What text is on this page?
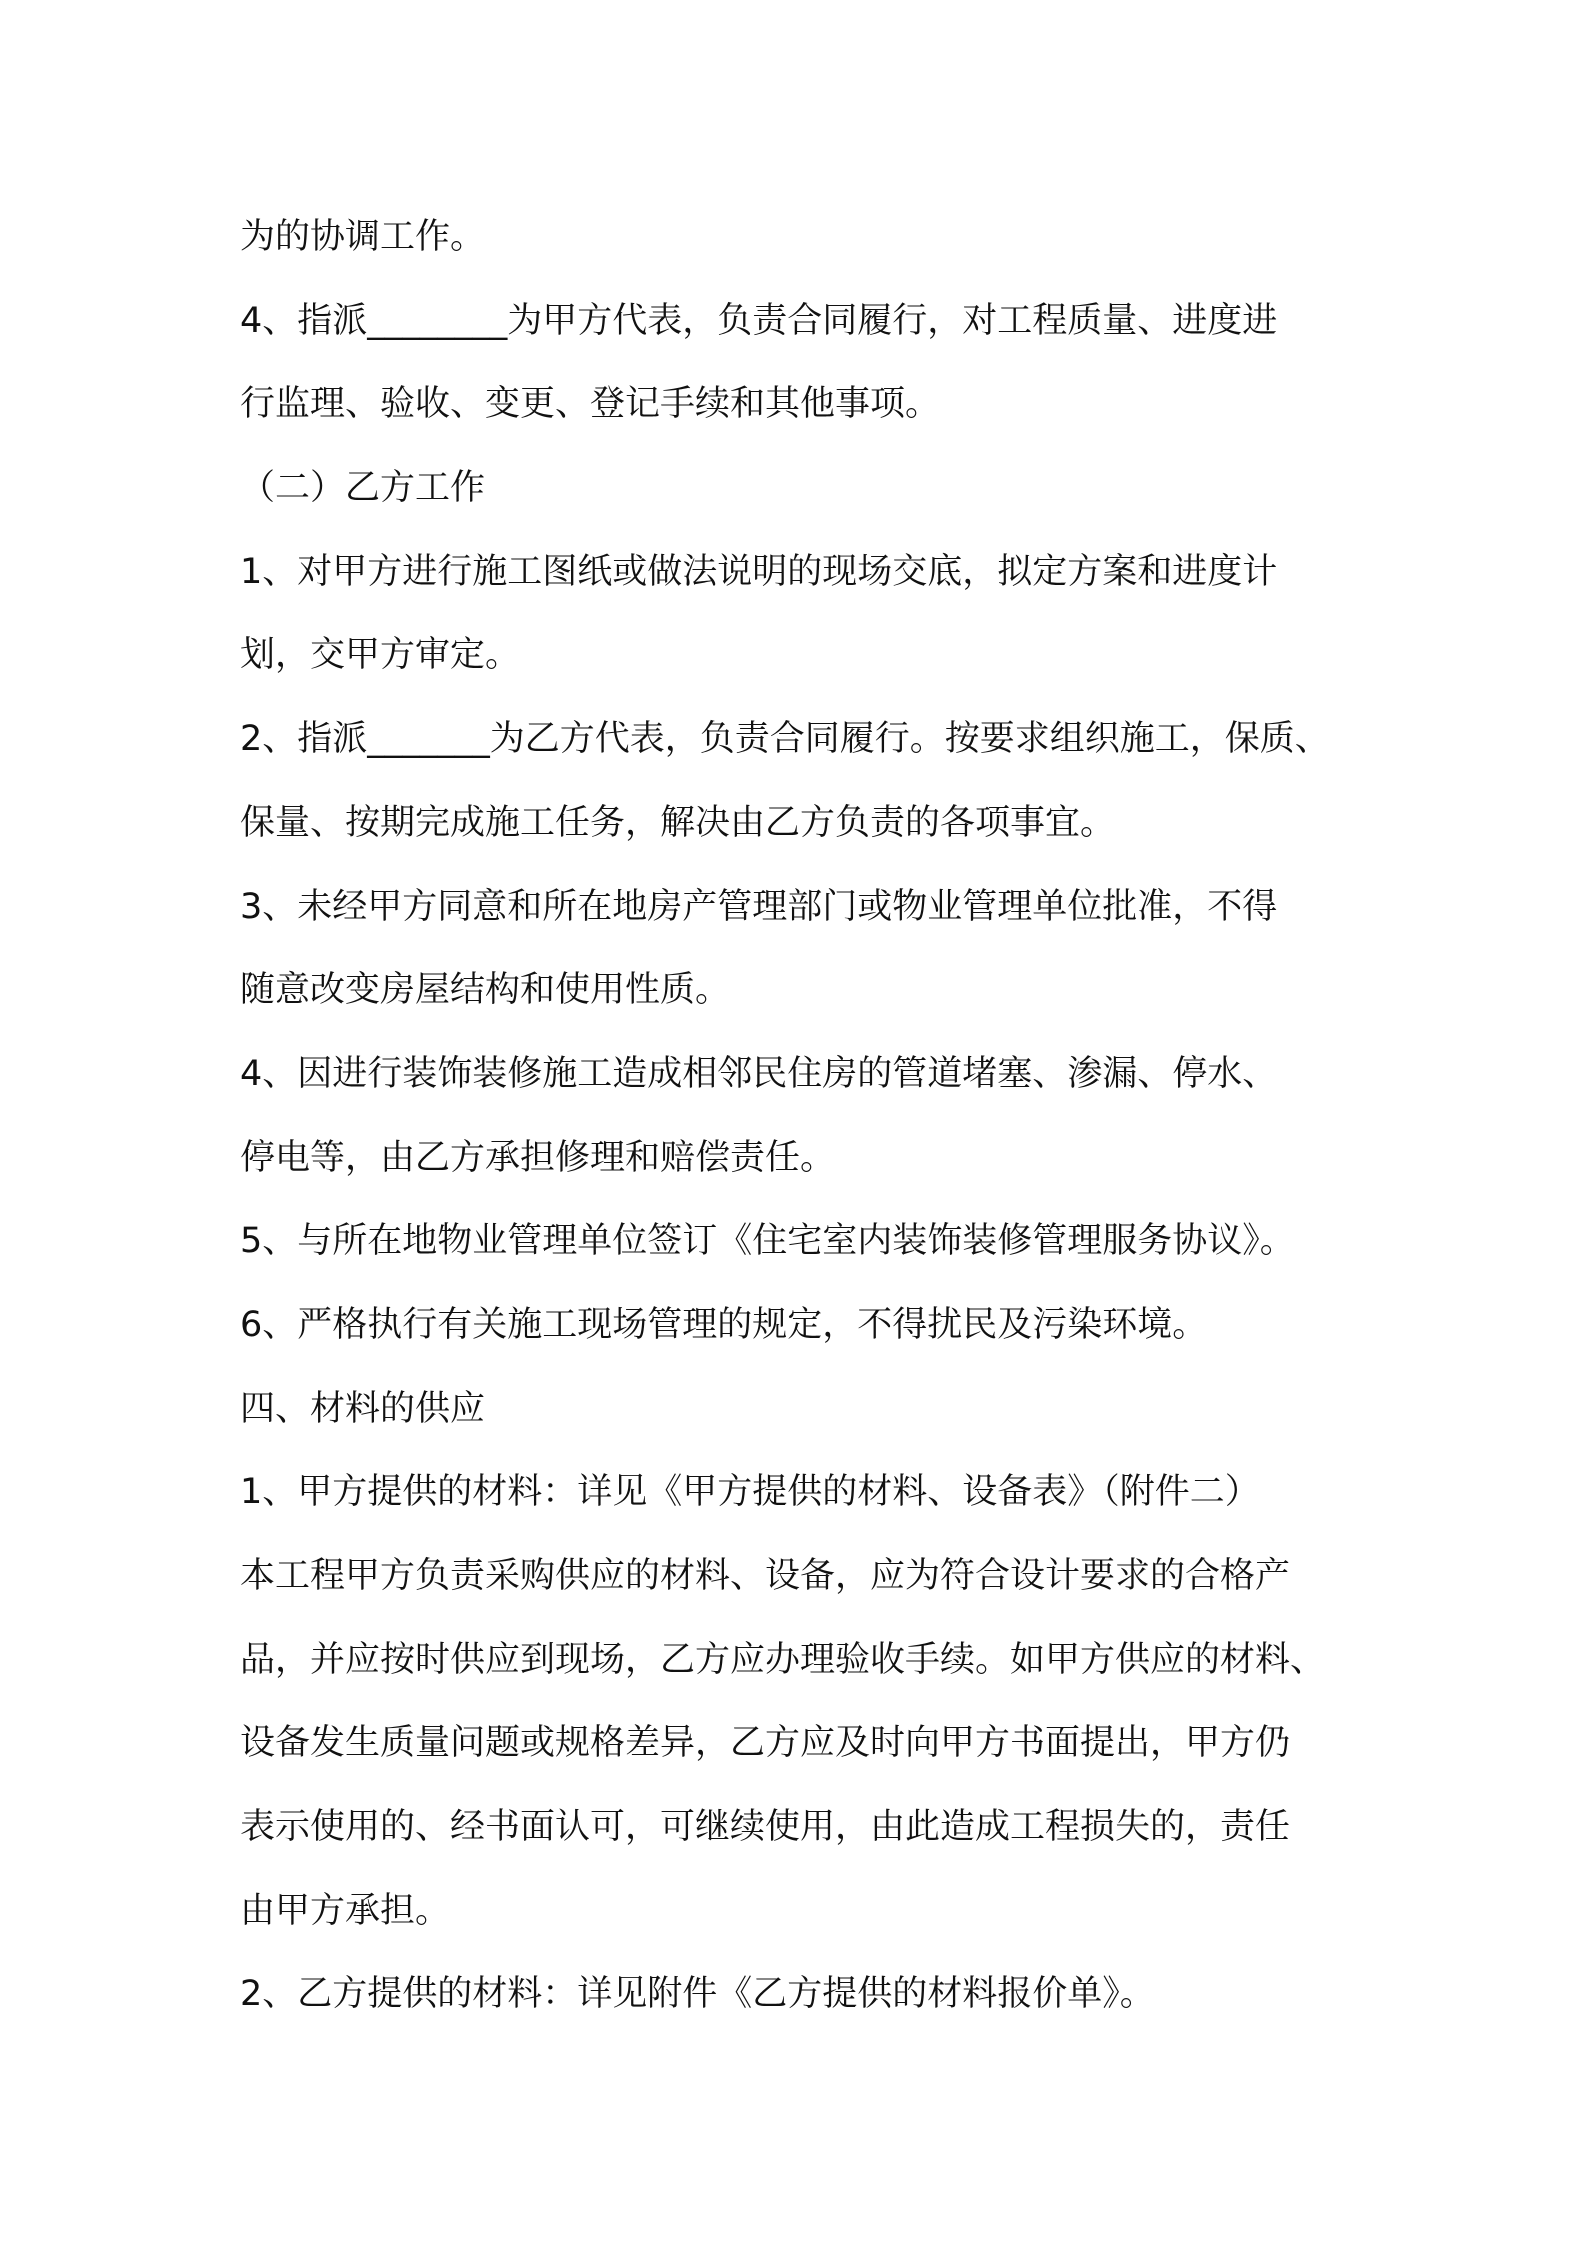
为的协调工作。
4、指派________为甲方代表，负责合同履行，对工程质量、进度进
行监理、验收、变更、登记手续和其他事项。
（二）乙方工作
1、对甲方进行施工图纸或做法说明的现场交底，拟定方案和进度计
划，交甲方审定。
2、指派_______为乙方代表，负责合同履行。按要求组织施工，保质、
保量、按期完成施工任务，解决由乙方负责的各项事宜。
3、未经甲方同意和所在地房产管理部门或物业管理单位批准，不得
随意改变房屋结构和使用性质。
4、因进行装饰装修施工造成相邻民住房的管道堵塞、渗漏、停水、
停电等，由乙方承担修理和赔偿责任。
5、与所在地物业管理单位签订《住宅室内装饰装修管理服务协议》。
6、严格执行有关施工现场管理的规定，不得扰民及污染环境。
四、材料的供应
1、甲方提供的材料：详见《甲方提供的材料、设备表》（附件二）
本工程甲方负责采购供应的材料、设备，应为符合设计要求的合格产
品，并应按时供应到现场，乙方应办理验收手续。如甲方供应的材料、
设备发生质量问题或规格差异，乙方应及时向甲方书面提出，甲方仍
表示使用的、经书面认可，可继续使用，由此造成工程损失的，责任
由甲方承担。
2、乙方提供的材料：详见附件《乙方提供的材料报价单》。
